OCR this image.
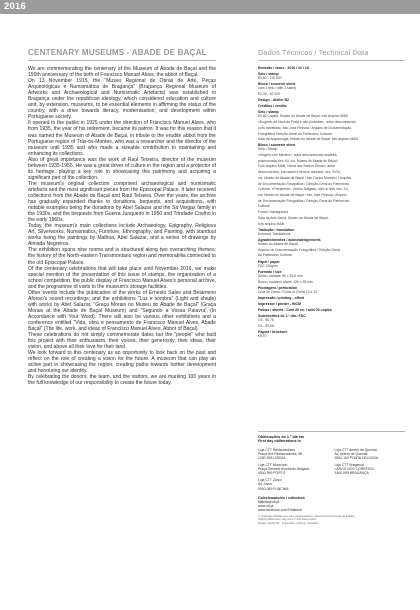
2016
CENTENARY MUSEUMS - ABADE DE BAÇAL

We are commemorating the centenary of the Museum of Abade de Baçal and the 150th anniversary of the birth of Francisco Manuel Alves, the abbot of Baçal.

On 13 November 1915, the "Museu Regional de Obras de Arte, Peças Arqueológicas e Numismática de Bragança" (Bragança Regional Museum of Artworks and Archaeological and Numismatic Artefacts) was established in Bragança under the republican ideology, which considered education and culture and, by extension, museums, to be essential elements in affirming the status of the country, with a drive towards literacy, modernisation, and development within Portuguese society.

It opened to the public in 1925 under the direction of Francisco Manuel Alves, who from 1935, the year of his retirement, became its patron. It was for this reason that it was named the Museum of Abade de Baçal, in tribute to the erudite abbot from the Portuguese region of Trás-os-Montes, who was a researcher and the director of the museum until 1935 and who made a sizeable contribution to maintaining and enhancing its collections.

Also of great importance was the work of Raul Teixeira, director of the museum between 1935-1955. He was a great driver of culture in the region and a protector of its heritage, playing a key role in showcasing this patrimony and acquiring a significant part of the collection.

The museum's original collection comprised archaeological and numismatic artefacts and the most significant pieces from the Episcopal Palace. It later received collections from the Abade de Baçal and Raul Teixeira. Over the years, the archive has gradually expanded thanks to donations, bequests, and acquisitions, with notable examples being the donations by Abel Salazar and the Sá Vargas family in the 1930s, and the bequests from Guerra Junqueiro in 1950 and Trindade Coelho in the early 1960s.

Today, the museum's main collections include Archaeology, Epigraphy, Religious Art, Silverworks, Numismatics, Furniture, Ethnography, and Painting, with standout works being the paintings by Malhoa, Abel Salazar, and a series of drawings by Almada Negreiros.

The exhibition spans nine rooms and is structured along two overarching themes: the history of the North-eastern Transmontano region and memorabilia connected to the old Episcopal Palace.

Of the centenary celebrations that will take place until November 2016, we make special mention of the presentation of this issue of stamps, the organisation of a school competition, the public display of Francisco Manuel Alves's personal archive, and the programme of visits to the museum's storage facilities.

Other events include the publication of the works of Ernesto Sales and Belarmino Afonso's sound recordings; and the exhibitions "Luz e sombra" (Light and shade) with works by Abel Salazar, "Graça Morais no Museu do Abade de Baçal" (Graça Morais at the Abade de Baçal Museum) and "Segundo a Vossa Palavra" (In Accordance with Your Word). There will also be various other exhibitions and a conference entitled "Vida, obra e pensamento de Francisco Manuel Alves, Abade Baçal" (The life, work, and ideas of Francisco Manuel Alves, Abbot of Baçal).

These celebrations do not simply commemorate dates but the "people" who built this project with their enthusiasm, their voices, their generosity, their ideas, their vision, and above all their love for their land.

We look forward to this centenary as an opportunity to look back on the past and reflect on the role of creating a vision for the future. A museum that can play an active part in showcasing the region, creating paths towards further development and honouring our identity.

By celebrating the donors, the team, and the visitors, we are marking 100 years in the full knowledge of our responsibility to create the future today.

Dados Técnicos / Technical Data
Emissão / issue - 2016 / 02 / 16
Selo / stamp
€0,80 - 115 000
Bloco / souvenir sheet
com 1 selo / with 1 stamp
€2,05 - 40 000
Design - Atelier B2
Créditos / credits
Selo / stamp
€0,80 Capela, Museu do Abade de Baçal, foto Arquivo MAB
«Eugénio da Hora de Prata e alto pirâmide», autor desconhecido,
ouro martelado, foto José Pessoa / Arquivo de Documentação
Fotográfica Direção-Geral do Património Cultural.
Sala da Arqueologia, Museu do Abade de Baçal, foto arquivo MAB.
Bloco / souvenir sheet
Selo / Stamp
«Virgem com Menino», autor desconhecido madeira
policromada, séc.XV, col. Museu do Abade de Baçal /
Foto arquivo MAB, «Arca dos Santos Óleos», autor
desconhecido, pau santo e bronze dourado, séc. XVIII,
col. Museu do Abade de Baçal / foto Carlos Monteiro / Arquivo
de Documentação Fotográfica / Direção-Geral do Património
Cultural, «Primavera», Veloso Salgado, óleo s/ tela, séc. XX,
col. Museu do Abade de Baçal / foto José Pessoa / Arquivo
de Documentação Fotográfica / Direção-Geral do Património
Cultural
Fundo / background
Sala da Arte Sacra, Museu do Abade de Baçal,
foto arquivo MAB.
Tradução / translation
Komercii Translations
Agradecimentos / acknowledgements
Museu do Abade de Baçal,
Arquivo de Documentação Fotográfica / Direção-Geral
do Património Cultural.
Papel / paper
FSC 110g/m²
Formato / size
Selos / stamps: 80 x 30,6 mm
Bloco / souvenir sheet: 125 x 95 mm
Picotagem / perforation
Cruz de Cristo / Cross of Christ 13 x 13
Impressão / printing - offset
Impressor / printer - INCM
Folhas / sheets - Com 20 ex. / with 20 copies
Sobrescritos de 1.º dia / FDC
C5 - €0,75
C6 - €0,56
Pagela / brochure
€0,70
Obliterações do 1.º dia em
First day obliterations in
Loja CTT Restauradores
Praça dos Restauradores, 58
1250-998 LISBOA
Loja CTT Antero de Quental
Av. Antero de Quental
9500-160 PONTA DELGADA
Loja CTT Município
Praça General Humberto Delgado
4000-999 PORTO
Loja CTT Bragança
LARGO DOS CORREIOS,
5300-999 BRAGANÇA
Loja CTT Zarco
Av. Zarco
9000-069 FUNCHAL
Colecionadores / collectors
filatelia@ctt.pt
www.ctt.pt
www.facebook.com/Filatelictt
© produção Filatelia e/ou seus patrocinadores, para fins promocionais da filatelia.
Slightly differences may occur in the final product.
Design: Atelier B2 · Impressão / printing: Colorland
